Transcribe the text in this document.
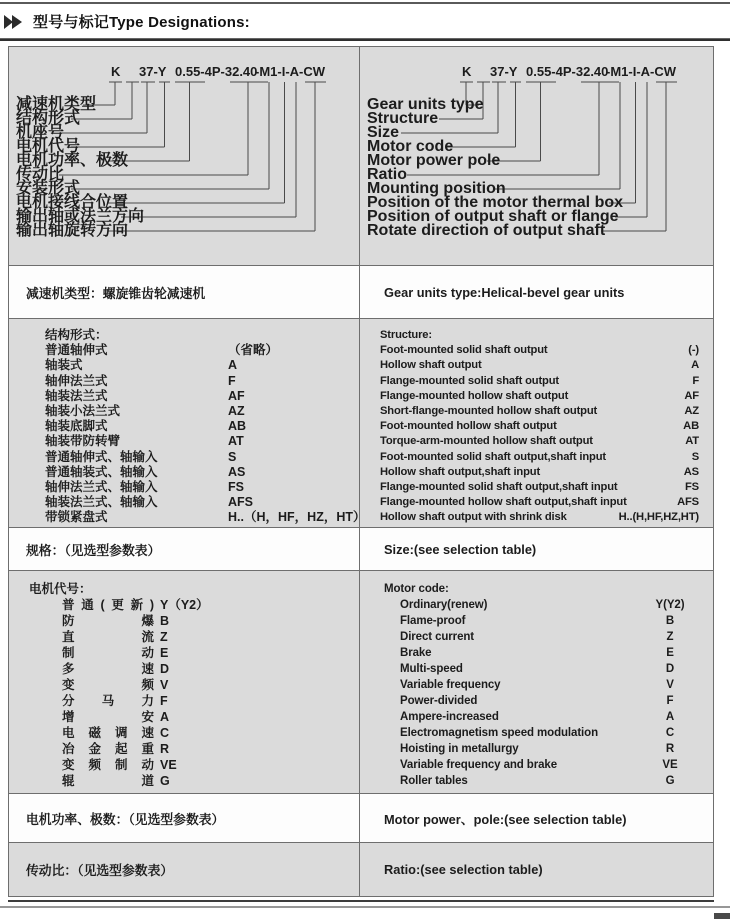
型号与标记Type Designations:
K 37-Y 0.55-4P-32.40-M1-I-A-CW
减速机类型
结构形式
机座号
电机代号
电机功率、极数
传动比
安装形式
电机接线合位置
输出轴或法兰方向
输出轴旋转方向
K 37-Y 0.55-4P-32.40-M1-I-A-CW
Gear units type
Structure
Size
Motor code
Motor power pole
Ratio
Mounting position
Position of the motor thermal box
Position of output shaft or flange
Rotate direction of output shaft
减速机类型：螺旋锥齿轮减速机	Gear units type:Helical-bevel gear units
结构形式：
普通轴伸式	（省略）
轴装式	A
轴伸法兰式	F
轴装法兰式	AF
轴装小法兰式	AZ
轴装底脚式	AB
轴装带防转臂	AT
普通轴伸式、轴输入	S
普通轴装式、轴输入	AS
轴伸法兰式、轴输入	FS
轴装法兰式、轴输入	AFS
带锁紧盘式	H..（H，HF，HZ，HT）
Structure:
Foot-mounted solid shaft output	(-)
Hollow shaft output	A
Flange-mounted solid shaft output	F
Flange-mounted hollow shaft output	AF
Short-flange-mounted hollow shaft output	AZ
Foot-mounted hollow shaft output	AB
Torque-arm-mounted hollow shaft output	AT
Foot-mounted solid shaft output,shaft input	S
Hollow shaft output,shaft input	AS
Flange-mounted solid shaft output,shaft input	FS
Flange-mounted hollow shaft output,shaft input	AFS
Hollow shaft output with shrink disk	H..(H,HF,HZ,HT)
规格：（见选型参数表）	Size:(see selection table)
电机代号：
普通(更新) Y（Y2）
防爆 B
直流 Z
制动 E
多速 D
变频 V
分马力 F
增安 A
电磁调速 C
冶金起重 R
变频制动 VE
辊道 G
Motor code:
Ordinary(renew)	Y(Y2)
Flame-proof	B
Direct current	Z
Brake	E
Multi-speed	D
Variable frequency	V
Power-divided	F
Ampere-increased	A
Electromagnetism speed modulation	C
Hoisting in metallurgy	R
Variable frequency and brake	VE
Roller tables	G
电机功率、极数：（见选型参数表）	Motor power、pole:(see selection table)
传动比：（见选型参数表）	Ratio:(see selection table)
